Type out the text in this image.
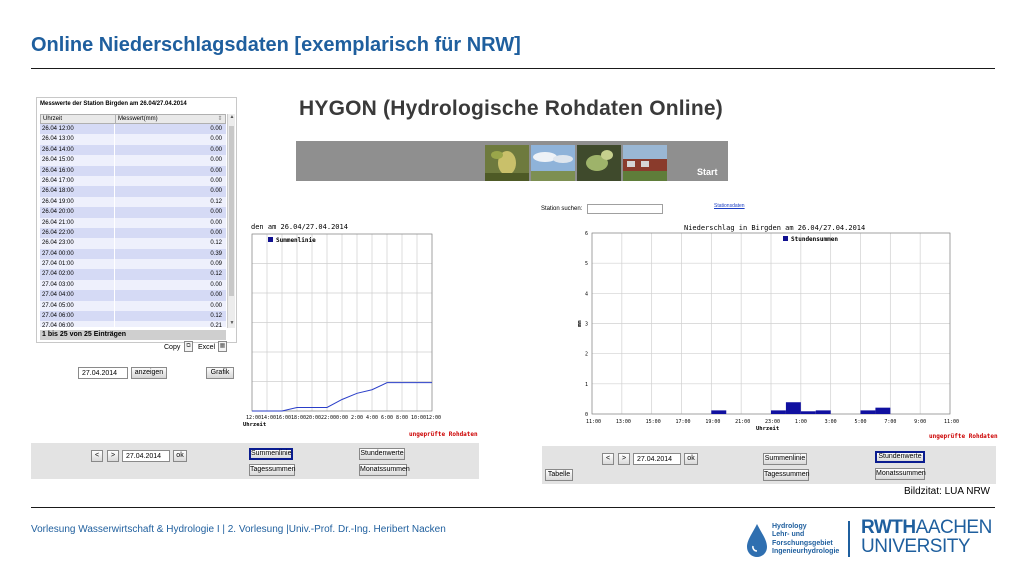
Online Niederschlagsdaten [exemplarisch für NRW]
den am 26.04/27.04.2014
Summenlinie
12:00 14:00 16:00 18:00 20:00 22:00 0:00 2:00 4:00 6:00 8:00 10:00 12:00
Uhrzeit
27.04.2014	anzeigen	Grafik
Messwerte der Station Birgden am 26.04/27.04.2014
Uhrzeit	Messwert(mm)	⇕
26.04 12:00	0.00
26.04 13:00	0.00
26.04 14:00	0.00
26.04 15:00	0.00
26.04 16:00	0.00
26.04 17:00	0.00
26.04 18:00	0.00
26.04 19:00	0.12
26.04 20:00	0.00
26.04 21:00	0.00
26.04 22:00	0.00
26.04 23:00	0.12
27.04 00:00	0.39
27.04 01:00	0.09
27.04 02:00	0.12
27.04 03:00	0.00
27.04 04:00	0.00
27.04 05:00	0.00
27.04 06:00	0.12
27.04 06:00	0.21
▲
▼
1 bis 25 von 25 Einträgen
Copy	⧉	Excel ▦
ungeprüfte Rohdaten
<	>	27.04.2014	ok	Summenlinie
Tagessummen
Stundenwerte
Monatssummen
HYGON (Hydrologische Rohdaten Online)
Start
Station suchen:	Stationsdaten
Niederschlag in Birgden am 26.04/27.04.2014
11:00	13:00	15:00	17:00	19:00	21:00	23:00	1:00	3:00	5:00	7:00	9:00	11:00
0
1
2
3
4
5
6
Stundensummen
Uhrzeit
mm
ungeprüfte Rohdaten
<	>	27.04.2014	ok	Summenlinie
Tagessummen
Stundenwerte
Monatssummen
Tabelle
Bildzitat: LUA NRW
Vorlesung Wasserwirtschaft & Hydrologie I | 2. Vorlesung |Univ.-Prof. Dr.-Ing. Heribert Nacken	Hydrology
Lehr- und
Forschungsgebiet
Ingenieurhydrologie
RWTHAACHEN
UNIVERSITY
